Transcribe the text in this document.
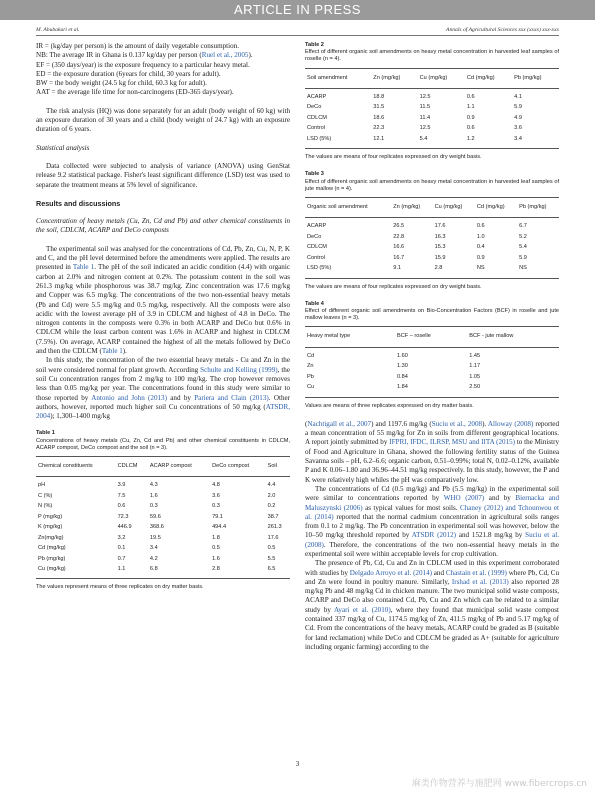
ARTICLE IN PRESS
M. Abubakari et al.	Annals of Agricultural Sciences xxx (xxxx) xxx-xxx

IR = (kg/day per person) is the amount of daily vegetable consumption.

NB: The average IR in Ghana is 0.137 kg/day per person (Ruel et al., 2005).

EF = (350 days/year) is the exposure frequency to a particular heavy metal.

ED = the exposure duration (6years for child, 30 years for adult).

BW = the body weight (24.5 kg for child, 60.3 kg for adult).

AAT = the average life time for non-carcinogens (ED-365 days/year).

The risk analysis (HQ) was done separately for an adult (body weight of 60 kg) with an exposure duration of 30 years and a child (body weight of 24.7 kg) with an exposure duration of 6 years.

Statistical analysis

Data collected were subjected to analysis of variance (ANOVA) using GenStat release 9.2 statistical package. Fisher's least significant difference (LSD) test was used to separate the treatment means at 5% level of significance.

Results and discussions

Concentration of heavy metals (Cu, Zn, Cd and Pb) and other chemical constituents in the soil, CDLCM, ACARP and DeCo composts

The experimental soil was analysed for the concentrations of Cd, Pb, Zn, Cu, N, P, K and C, and the pH level determined before the amendments were applied. The results are presented in Table 1. The pH of the soil indicated an acidic condition (4.4) with organic carbon at 2.0% and nitrogen content at 0.2%. The potassium content in the soil was 261.3 mg/kg while phosphorous was 38.7 mg/kg. Zinc concentration was 17.6 mg/kg and Copper was 6.5 mg/kg. The concentrations of the two non-essential heavy metals (Pb and Cd) were 5.5 mg/kg and 0.5 mg/kg, respectively. All the composts were also acidic with the lowest average pH of 3.9 in CDLCM and highest of 4.8 in DeCo. The nitrogen contents in the composts were 0.3% in both ACARP and DeCo but 0.6% in CDLCM while the least carbon content was 1.6% in ACARP and highest in CDLCM (7.5%). On average, ACARP contained the highest of all the metals followed by DeCo and then the CDLCM (Table 1).

In this study, the concentration of the two essential heavy metals - Cu and Zn in the soil were considered normal for plant growth. According Schulte and Kelling (1999), the soil Cu concentration ranges from 2 mg/kg to 100 mg/kg. The crop however removes less than 0.05 mg/kg per year. The concentrations found in this study were similar to those reported by Antonio and John (2013) and by Pariera and Clain (2013). Other authors, however, reported much higher soil Cu concentrations of 50 mg/kg (ATSDR, 2004); 1,300–1400 mg/kg

Table 1

Concentrations of heavy metals (Cu, Zn, Cd and Pb) and other chemical constituents in CDLCM, ACARP compost, DeCo compost and the soil (n = 3).

Chemical constituents	CDLCM	ACARP compost	DeCo compost	Soil
pH	3.9	4.3	4.8	4.4
C (%)	7.5	1.6	3.6	2.0
N (%)	0.6	0.3	0.3	0.2
P (mg/kg)	72.3	59.6	79.1	38.7
K (mg/kg)	446.9	368.6	494.4	261.3
Zn(mg/kg)	3.2	19.5	1.8	17.6
Cd (mg/kg)	0.1	3.4	0.5	0.5
Pb (mg/kg)	0.7	4.2	1.6	5.5
Cu (mg/kg)	1.1	6.8	2.8	6.5

The values represent means of three replicates on dry matter basis.

Table 2

Effect of different organic soil amendments on heavy metal concentration in harvested leaf samples of roselle (n = 4).

Soil amendment	Zn (mg/kg)	Cu (mg/kg)	Cd (mg/kg)	Pb (mg/kg)
ACARP	18.8	12.5	0.6	4.1
DeCo	31.5	11.5	1.1	5.9
CDLCM	18.6	11.4	0.9	4.9
Control	22.3	12.5	0.6	3.6
LSD (5%)	12.1	5.4	1.2	3.4

The values are means of four replicates expressed on dry weight basis.

Table 3

Effect of different organic soil amendments on heavy metal concentration in harvested leaf samples of jute mallow (n = 4).

Organic soil amendment	Zn (mg/kg)	Cu (mg/kg)	Cd (mg/kg)	Pb (mg/kg)
ACARP	26.5	17.6	0.6	6.7
DeCo	22.8	16.3	1.0	5.2
CDLCM	16.6	15.3	0.4	5.4
Control	16.7	15.9	0.9	5.9
LSD (5%)	9.1	2.8	NS	NS

The values are means of four replicates expressed on dry weight basis.

Table 4

Effect of different organic soil amendments on Bio-Concentration Factors (BCF) in roselle and jute mallow leaves (n = 3).

Heavy metal type	BCF – roselle	BCF - jute mallow
Cd	1.60	1.45
Zn	1.30	1.17
Pb	0.84	1.05
Cu	1.84	2.50

Values are means of three replicates expressed on dry matter basis.

(Nachtigall et al., 2007) and 1197.6 mg/kg (Suciu et al., 2008). Alloway (2008) reported a mean concentration of 55 mg/kg for Zn in soils from different geographical locations. A report jointly submitted by IFPRI, IFDC, ILRSP, MSU and IITA (2015) to the Ministry of Food and Agriculture in Ghana, showed the following fertility status of the Guinea Savanna soils – pH, 6.2–6.6; organic carbon, 0.51–0.99%; total N, 0.02–0.12%, available P and K 0.06–1.80 and 36.96–44.51 mg/kg respectively. In this study, however, the P and K were relatively high whiles the pH was comparatively low.

The concentrations of Cd (0.5 mg/kg) and Pb (5.5 mg/kg) in the experimental soil were similar to concentrations reported by WHO (2007) and by Biernacka and Maluszynski (2006) as typical values for most soils. Chaney (2012) and Tchounwou et al. (2014) reported that the normal cadmium concentration in agricultural soils ranges from 0.1 to 2 mg/kg. The Pb concentration in experimental soil was however, below the 10–50 mg/kg threshold reported by ATSDR (2012) and 1521.8 mg/kg by Suciu et al. (2008). Therefore, the concentrations of the two non-essential heavy metals in the experimental soil were within acceptable levels for crop cultivation.

The presence of Pb, Cd, Cu and Zn in CDLCM used in this experiment corroborated with studies by Delgado Arroyo et al. (2014) and Chastain et al. (1999) where Pb, Cd, Cu and Zn were found in poultry manure. Similarly, Irshad et al. (2013) also reported 28 mg/kg Pb and 48 mg/kg Cd in chicken manure. The two municipal solid waste composts, ACARP and DeCo also contained Cd, Pb, Cu and Zn which can be related to a similar study by Ayari et al. (2010), where they found that municipal solid waste compost contained 337 mg/kg of Cu, 1174.5 mg/kg of Zn, 411.5 mg/kg of Pb and 5.17 mg/kg of Cd. From the concentrations of the heavy metals, ACARP could be graded as B (suitable for land reclamation) while DeCo and CDLCM be graded as A+ (suitable for agriculture including organic farming) according to the

3
麻类作物营养与施肥网 www.fibercrops.cn
